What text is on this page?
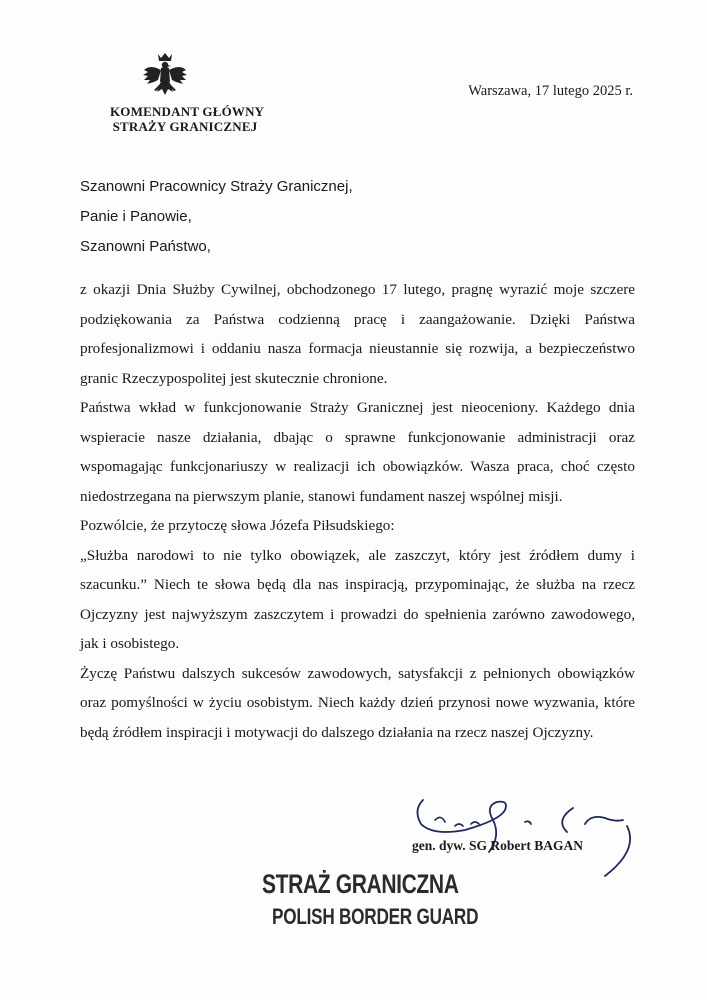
KOMENDANT GŁÓWNY
STRAŻY GRANICZNEJ
Warszawa, 17 lutego 2025 r.
Szanowni Pracownicy Straży Granicznej,
Panie i Panowie,
Szanowni Państwo,

z okazji Dnia Służby Cywilnej, obchodzonego 17 lutego, pragnę wyrazić moje szczere podziękowania za Państwa codzienną pracę i zaangażowanie. Dzięki Państwa profesjonalizmowi i oddaniu nasza formacja nieustannie się rozwija, a bezpieczeństwo granic Rzeczypospolitej jest skutecznie chronione.

Państwa wkład w funkcjonowanie Straży Granicznej jest nieoceniony. Każdego dnia wspieracie nasze działania, dbając o sprawne funkcjonowanie administracji oraz wspomagając funkcjonariuszy w realizacji ich obowiązków. Wasza praca, choć często niedostrzegana na pierwszym planie, stanowi fundament naszej wspólnej misji.

Pozwólcie, że przytoczę słowa Józefa Piłsudskiego:

„Służba narodowi to nie tylko obowiązek, ale zaszczyt, który jest źródłem dumy i szacunku.” Niech te słowa będą dla nas inspiracją, przypominając, że służba na rzecz Ojczyzny jest najwyższym zaszczytem i prowadzi do spełnienia zarówno zawodowego, jak i osobistego.

Życzę Państwu dalszych sukcesów zawodowych, satysfakcji z pełnionych obowiązków oraz pomyślności w życiu osobistym. Niech każdy dzień przynosi nowe wyzwania, które będą źródłem inspiracji i motywacji do dalszego działania na rzecz naszej Ojczyzny.

gen. dyw. SG Robert BAGAN
STRAŻ GRANICZNA
POLISH BORDER GUARD
